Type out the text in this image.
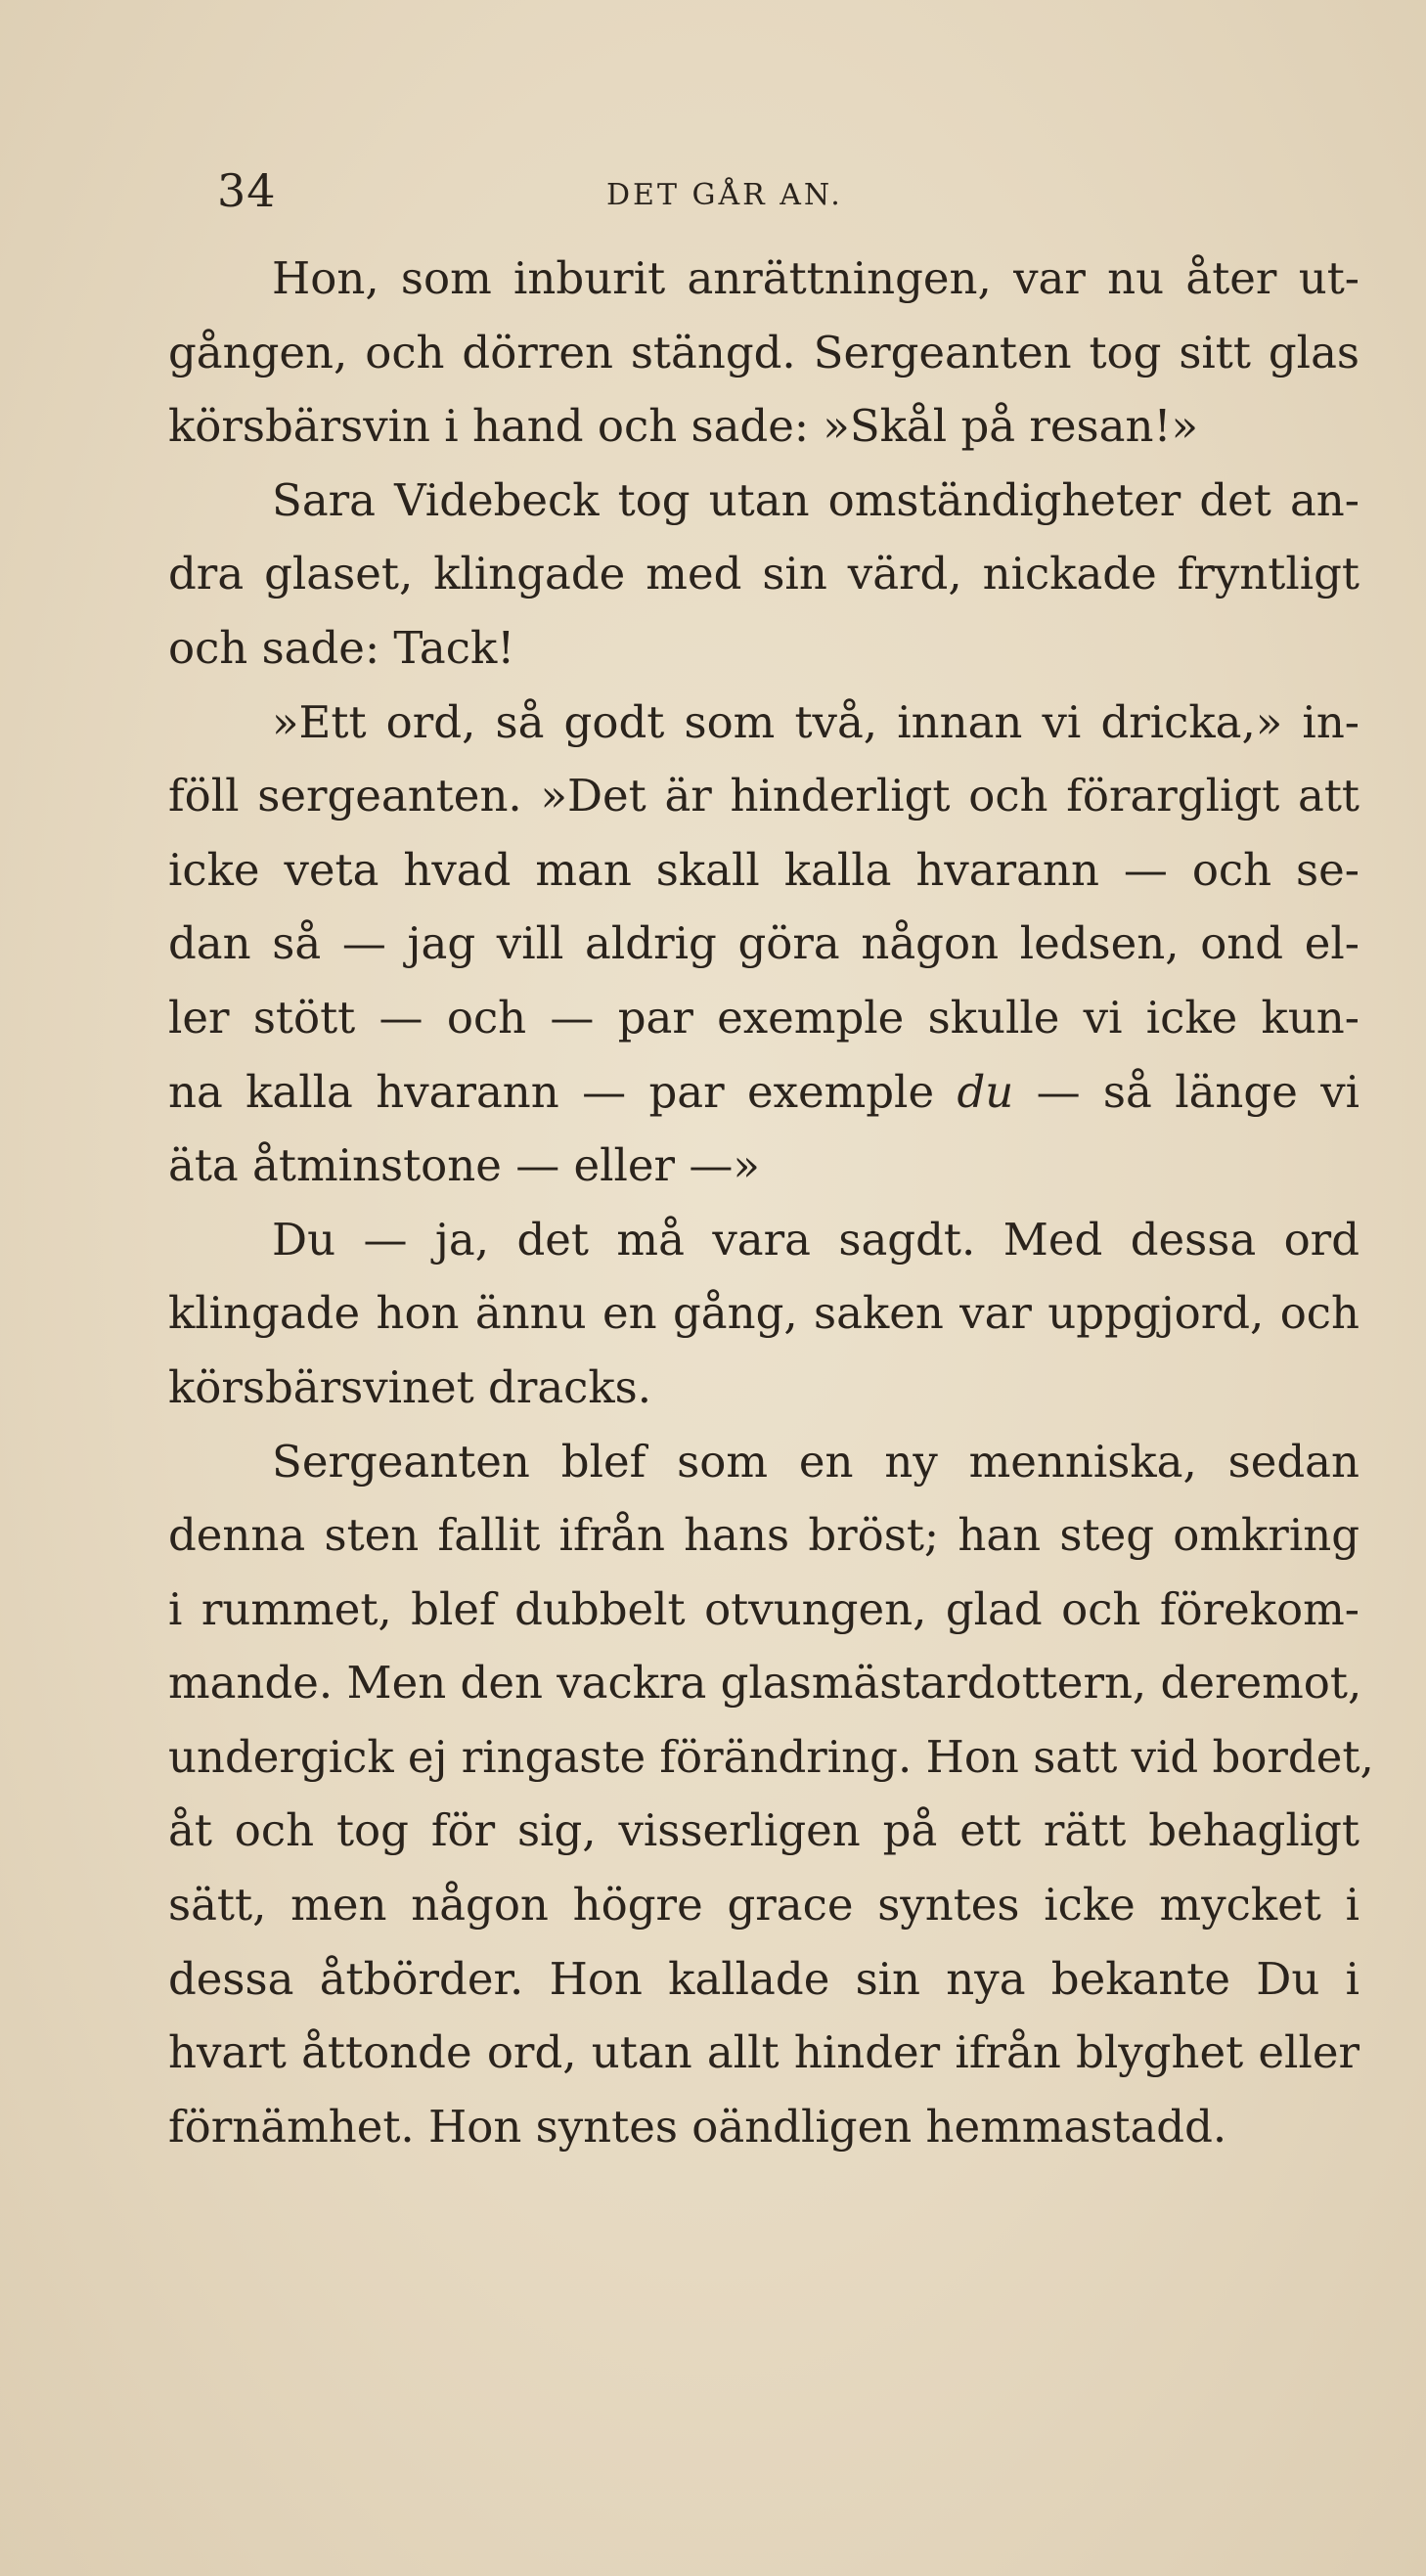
34	DET GÅR AN.
Hon, som inburit anrättningen, var nu åter ut-
gången, och dörren stängd. Sergeanten tog sitt glas
körsbärsvin i hand och sade: »Skål på resan!»
Sara Videbeck tog utan omständigheter det an-
dra glaset, klingade med sin värd, nickade fryntligt
och sade: Tack!
»Ett ord, så godt som två, innan vi dricka,» in-
föll sergeanten. »Det är hinderligt och förargligt att
icke veta hvad man skall kalla hvarann — och se-
dan så — jag vill aldrig göra någon ledsen, ond el-
ler stött — och — par exemple skulle vi icke kun-
na kalla hvarann — par exemple du — så länge vi
äta åtminstone — eller —»
Du — ja, det må vara sagdt. Med dessa ord
klingade hon ännu en gång, saken var uppgjord, och
körsbärsvinet dracks.
Sergeanten blef som en ny menniska, sedan
denna sten fallit ifrån hans bröst; han steg omkring
i rummet, blef dubbelt otvungen, glad och förekom-
mande. Men den vackra glasmästardottern, deremot,
undergick ej ringaste förändring. Hon satt vid bordet,
åt och tog för sig, visserligen på ett rätt behagligt
sätt, men någon högre grace syntes icke mycket i
dessa åtbörder. Hon kallade sin nya bekante Du i
hvart åttonde ord, utan allt hinder ifrån blyghet eller
förnämhet. Hon syntes oändligen hemmastadd.
